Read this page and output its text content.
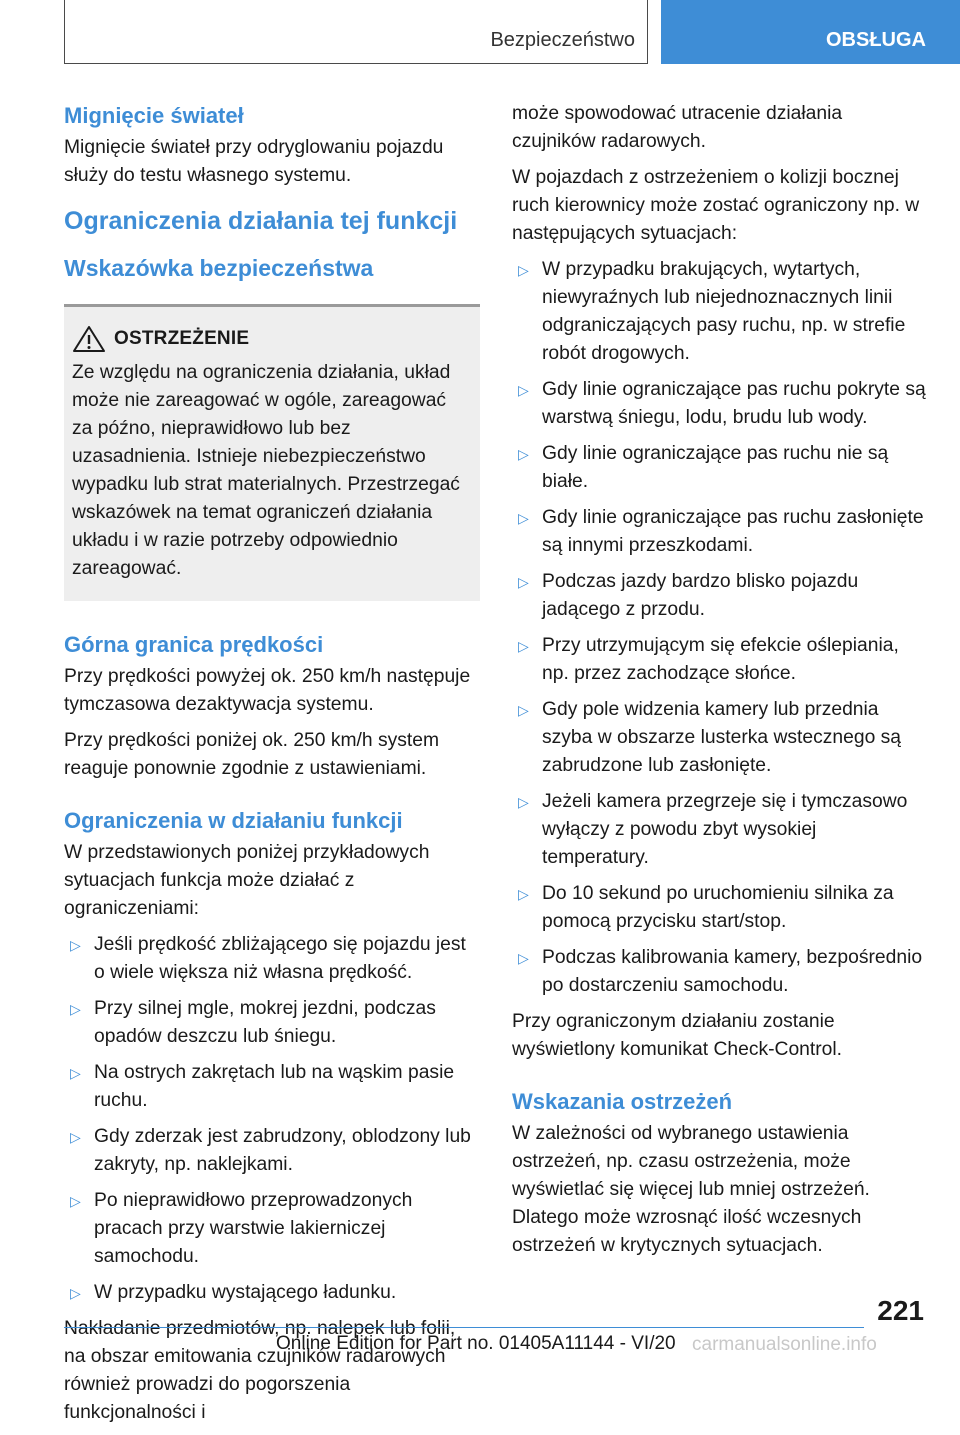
Bezpieczeństwo	OBSŁUGA
Mignięcie świateł

Mignięcie świateł przy odryglowaniu pojazdu służy do testu własnego systemu.

Ograniczenia działania tej funkcji
Wskazówka bezpieczeństwa
OSTRZEŻENIE

Ze względu na ograniczenia działania, układ może nie zareagować w ogóle, zareagować za późno, nieprawidłowo lub bez uzasadnienia. Istnieje niebezpieczeństwo wypadku lub strat materialnych. Przestrzegać wskazówek na temat ograniczeń działania układu i w razie potrzeby odpowiednio zareagować.

Górna granica prędkości

Przy prędkości powyżej ok. 250 km/h następuje tymczasowa dezaktywacja systemu.

Przy prędkości poniżej ok. 250 km/h system reaguje ponownie zgodnie z ustawieniami.

Ograniczenia w działaniu funkcji

W przedstawionych poniżej przykładowych sytuacjach funkcja może działać z ograniczeniami:

▷ Jeśli prędkość zbliżającego się pojazdu jest o wiele większa niż własna prędkość.
▷ Przy silnej mgle, mokrej jezdni, podczas opadów deszczu lub śniegu.
▷ Na ostrych zakrętach lub na wąskim pasie ruchu.
▷ Gdy zderzak jest zabrudzony, oblodzony lub zakryty, np. naklejkami.
▷ Po nieprawidłowo przeprowadzonych pracach przy warstwie lakierniczej samochodu.
▷ W przypadku wystającego ładunku.

Nakładanie przedmiotów, np. nalepek lub folii, na obszar emitowania czujników radarowych również prowadzi do pogorszenia funkcjonalności i

może spowodować utracenie działania czujników radarowych.

W pojazdach z ostrzeżeniem o kolizji bocznej ruch kierownicy może zostać ograniczony np. w następujących sytuacjach:

▷ W przypadku brakujących, wytartych, niewyraźnych lub niejednoznacznych linii odgraniczających pasy ruchu, np. w strefie robót drogowych.
▷ Gdy linie ograniczające pas ruchu pokryte są warstwą śniegu, lodu, brudu lub wody.
▷ Gdy linie ograniczające pas ruchu nie są białe.
▷ Gdy linie ograniczające pas ruchu zasłonięte są innymi przeszkodami.
▷ Podczas jazdy bardzo blisko pojazdu jadącego z przodu.
▷ Przy utrzymującym się efekcie oślepiania, np. przez zachodzące słońce.
▷ Gdy pole widzenia kamery lub przednia szyba w obszarze lusterka wstecznego są zabrudzone lub zasłonięte.
▷ Jeżeli kamera przegrzeje się i tymczasowo wyłączy z powodu zbyt wysokiej temperatury.
▷ Do 10 sekund po uruchomieniu silnika za pomocą przycisku start/stop.
▷ Podczas kalibrowania kamery, bezpośrednio po dostarczeniu samochodu.

Przy ograniczonym działaniu zostanie wyświetlony komunikat Check-Control.

Wskazania ostrzeżeń

W zależności od wybranego ustawienia ostrzeżeń, np. czasu ostrzeżenia, może wyświetlać się więcej lub mniej ostrzeżeń. Dlatego może wzrosnąć ilość wczesnych ostrzeżeń w krytycznych sytuacjach.

221
Online Edition for Part no. 01405A11144 - VI/20 carmanualsonline.info
